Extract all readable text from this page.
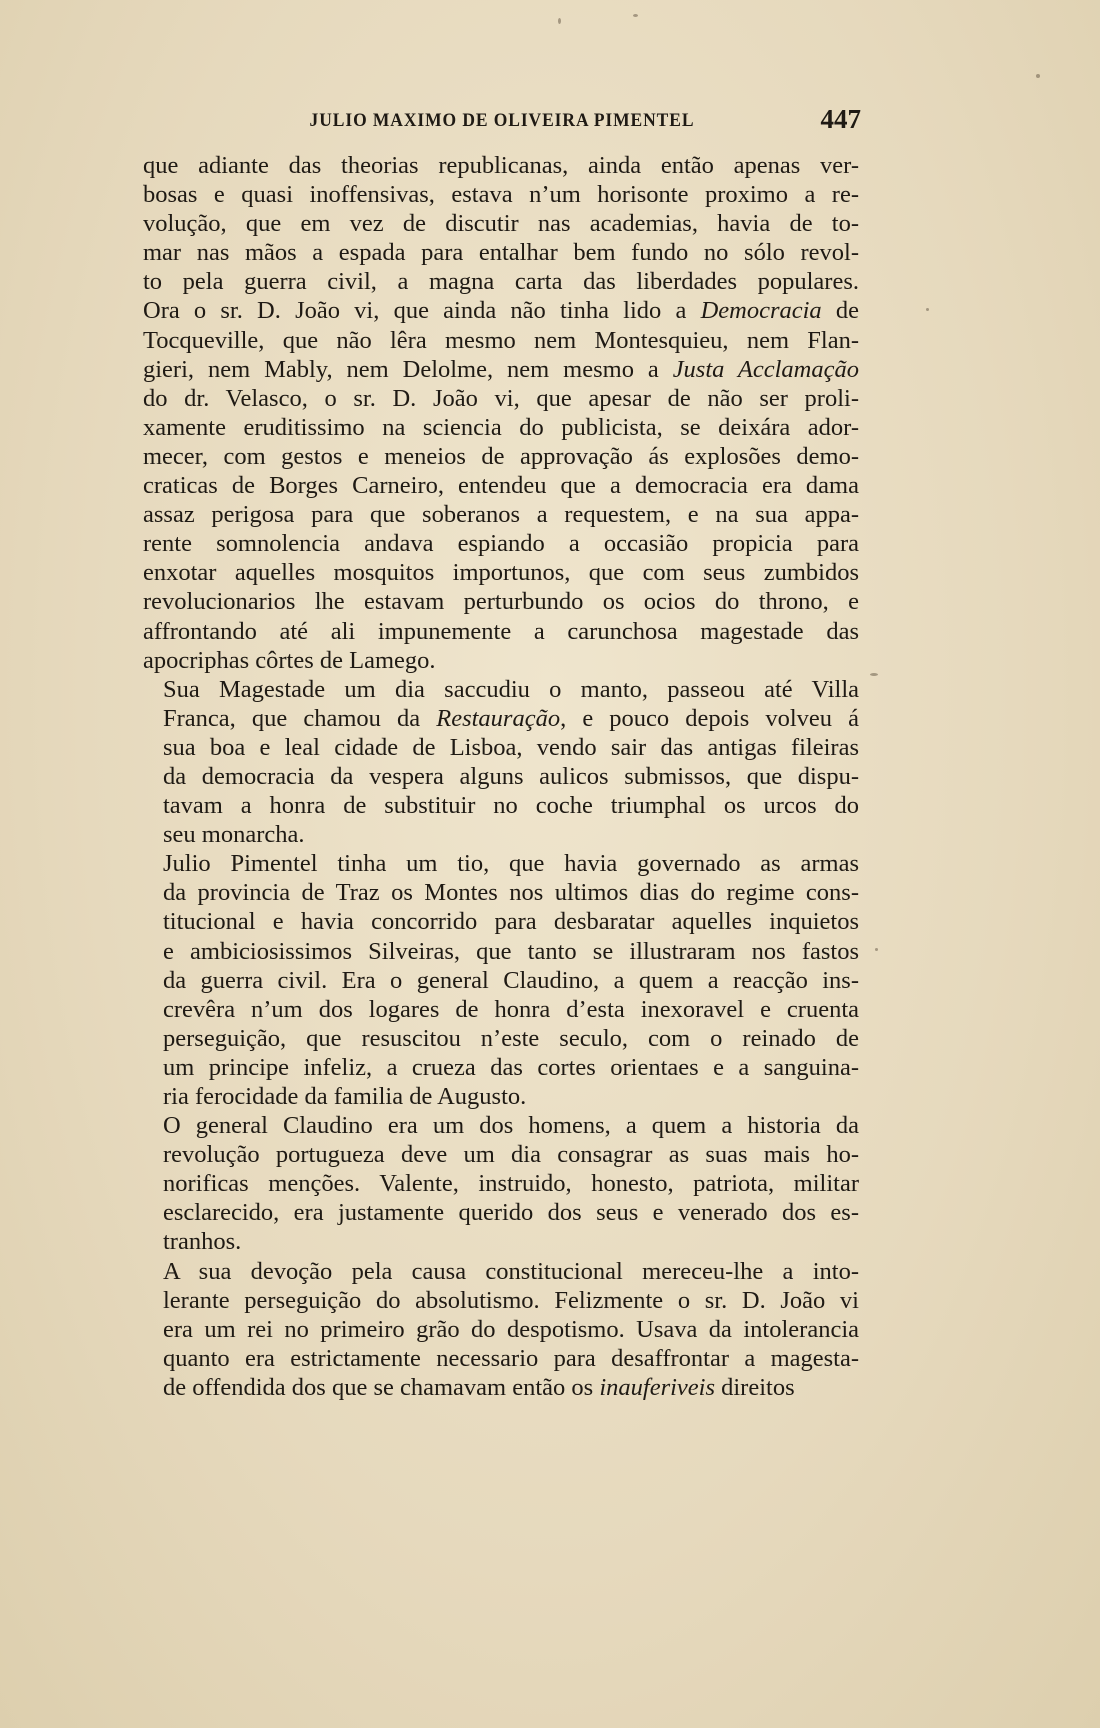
JULIO MAXIMO DE OLIVEIRA PIMENTEL	447

que adiante das theorias republicanas, ainda então apenas ver-
bosas e quasi inoffensivas, estava n’um horisonte proximo a re-
volução, que em vez de discutir nas academias, havia de to-
mar nas mãos a espada para entalhar bem fundo no sólo revol-
to pela guerra civil, a magna carta das liberdades populares.
Ora o sr. D. João vi, que ainda não tinha lido a Democracia de
Tocqueville, que não lêra mesmo nem Montesquieu, nem Flan-
gieri, nem Mably, nem Delolme, nem mesmo a Justa Acclamação
do dr. Velasco, o sr. D. João vi, que apesar de não ser proli-
xamente eruditissimo na sciencia do publicista, se deixára ador-
mecer, com gestos e meneios de approvação ás explosões demo-
craticas de Borges Carneiro, entendeu que a democracia era dama
assaz perigosa para que soberanos a requestem, e na sua appa-
rente somnolencia andava espiando a occasião propicia para
enxotar aquelles mosquitos importunos, que com seus zumbidos
revolucionarios lhe estavam perturbundo os ocios do throno, e
affrontando até ali impunemente a carunchosa magestade das
apocriphas côrtes de Lamego.

Sua Magestade um dia saccudiu o manto, passeou até Villa
Franca, que chamou da Restauração, e pouco depois volveu á
sua boa e leal cidade de Lisboa, vendo sair das antigas fileiras
da democracia da vespera alguns aulicos submissos, que dispu-
tavam a honra de substituir no coche triumphal os urcos do
seu monarcha.

Julio Pimentel tinha um tio, que havia governado as armas
da provincia de Traz os Montes nos ultimos dias do regime cons-
titucional e havia concorrido para desbaratar aquelles inquietos
e ambiciosissimos Silveiras, que tanto se illustraram nos fastos
da guerra civil. Era o general Claudino, a quem a reacção ins-
crevêra n’um dos logares de honra d’esta inexoravel e cruenta
perseguição, que resuscitou n’este seculo, com o reinado de
um principe infeliz, a crueza das cortes orientaes e a sanguina-
ria ferocidade da familia de Augusto.

O general Claudino era um dos homens, a quem a historia da
revolução portugueza deve um dia consagrar as suas mais ho-
norificas menções. Valente, instruido, honesto, patriota, militar
esclarecido, era justamente querido dos seus e venerado dos es-
tranhos.

A sua devoção pela causa constitucional mereceu-lhe a into-
lerante perseguição do absolutismo. Felizmente o sr. D. João vi
era um rei no primeiro grão do despotismo. Usava da intolerancia
quanto era estrictamente necessario para desaffrontar a magesta-
de offendida dos que se chamavam então os inauferiveis direitos
